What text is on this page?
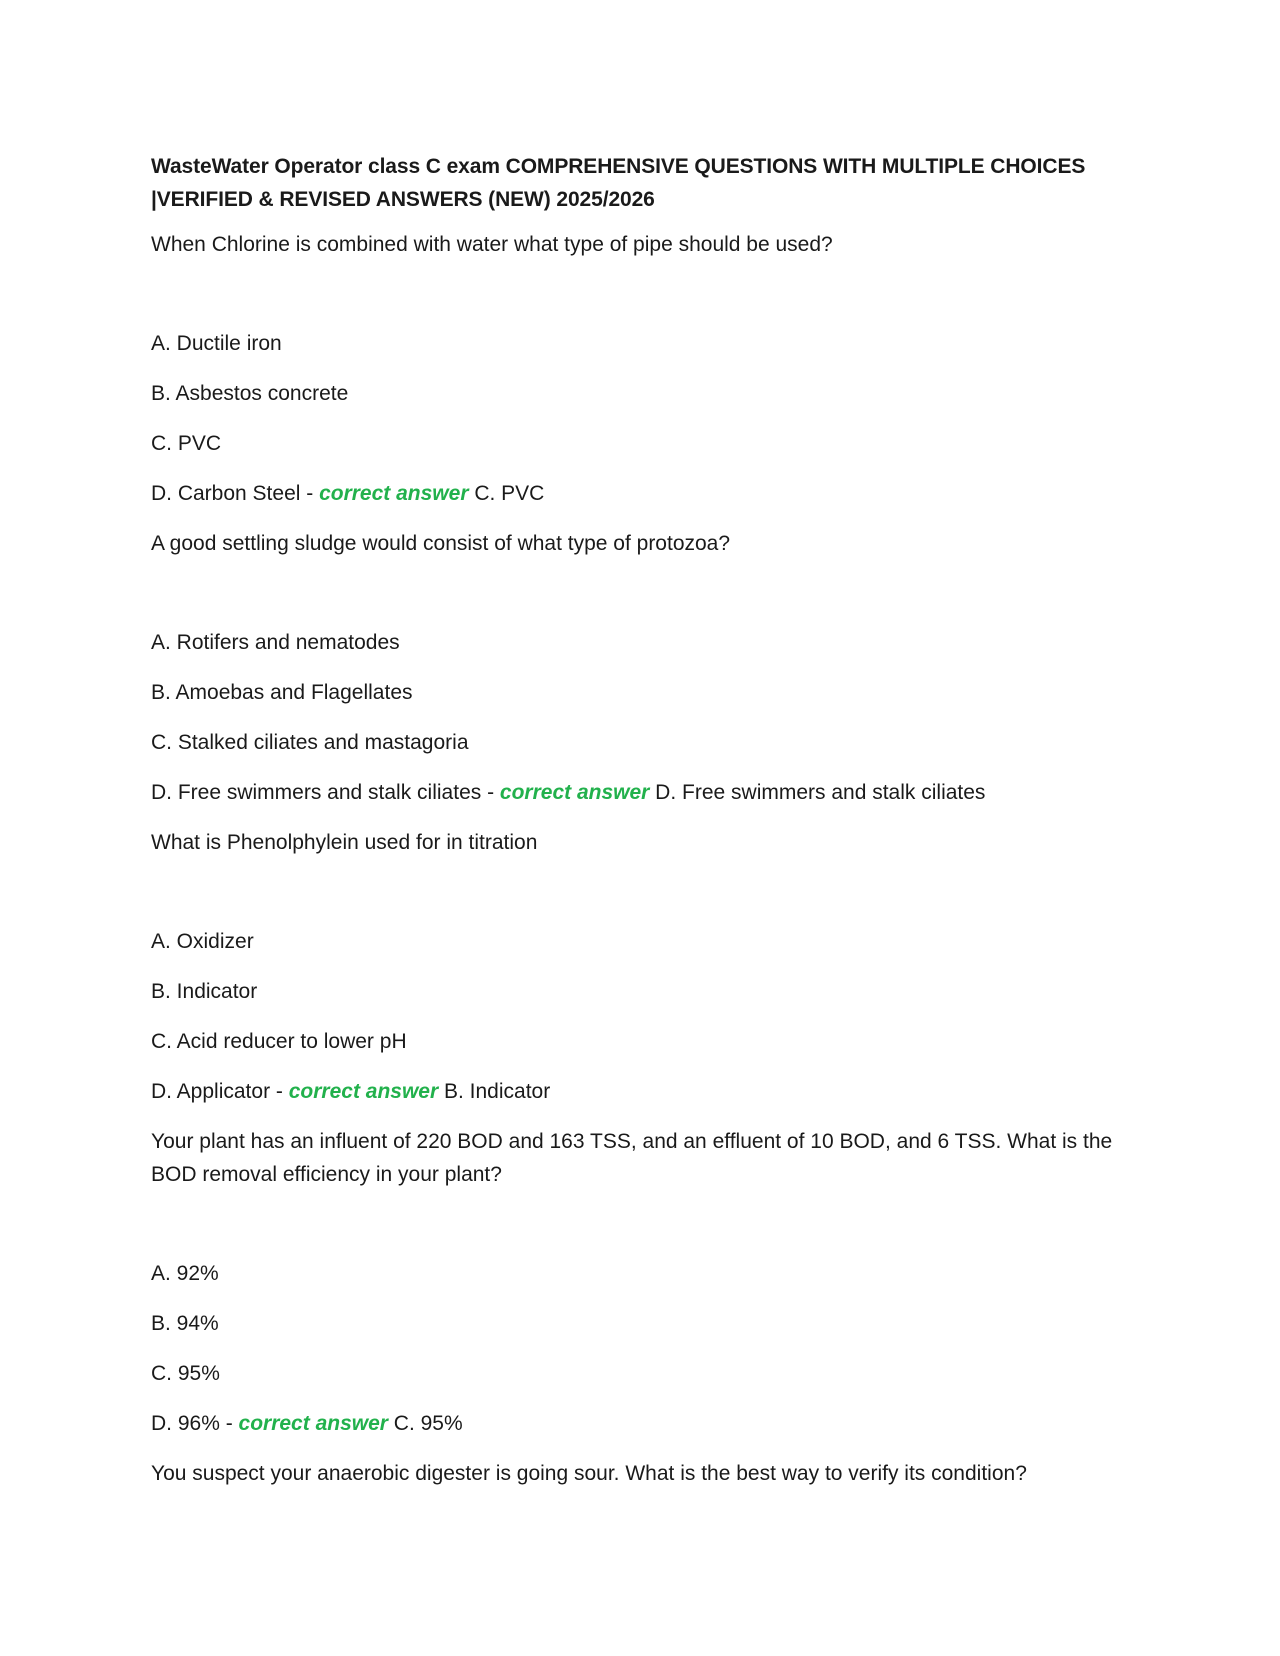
WasteWater Operator class C exam COMPREHENSIVE QUESTIONS WITH MULTIPLE CHOICES |VERIFIED & REVISED ANSWERS (NEW) 2025/2026

When Chlorine is combined with water what type of pipe should be used?

A. Ductile iron

B. Asbestos concrete

C. PVC

D. Carbon Steel - correct answer C. PVC

A good settling sludge would consist of what type of protozoa?

A. Rotifers and nematodes

B. Amoebas and Flagellates

C. Stalked ciliates and mastagoria

D. Free swimmers and stalk ciliates - correct answer D. Free swimmers and stalk ciliates

What is Phenolphylein used for in titration

A. Oxidizer

B. Indicator

C. Acid reducer to lower pH

D. Applicator - correct answer B. Indicator

Your plant has an influent of 220 BOD and 163 TSS, and an effluent of 10 BOD, and 6 TSS. What is the BOD removal efficiency in your plant?

A. 92%

B. 94%

C. 95%

D. 96% - correct answer C. 95%

You suspect your anaerobic digester is going sour. What is the best way to verify its condition?
